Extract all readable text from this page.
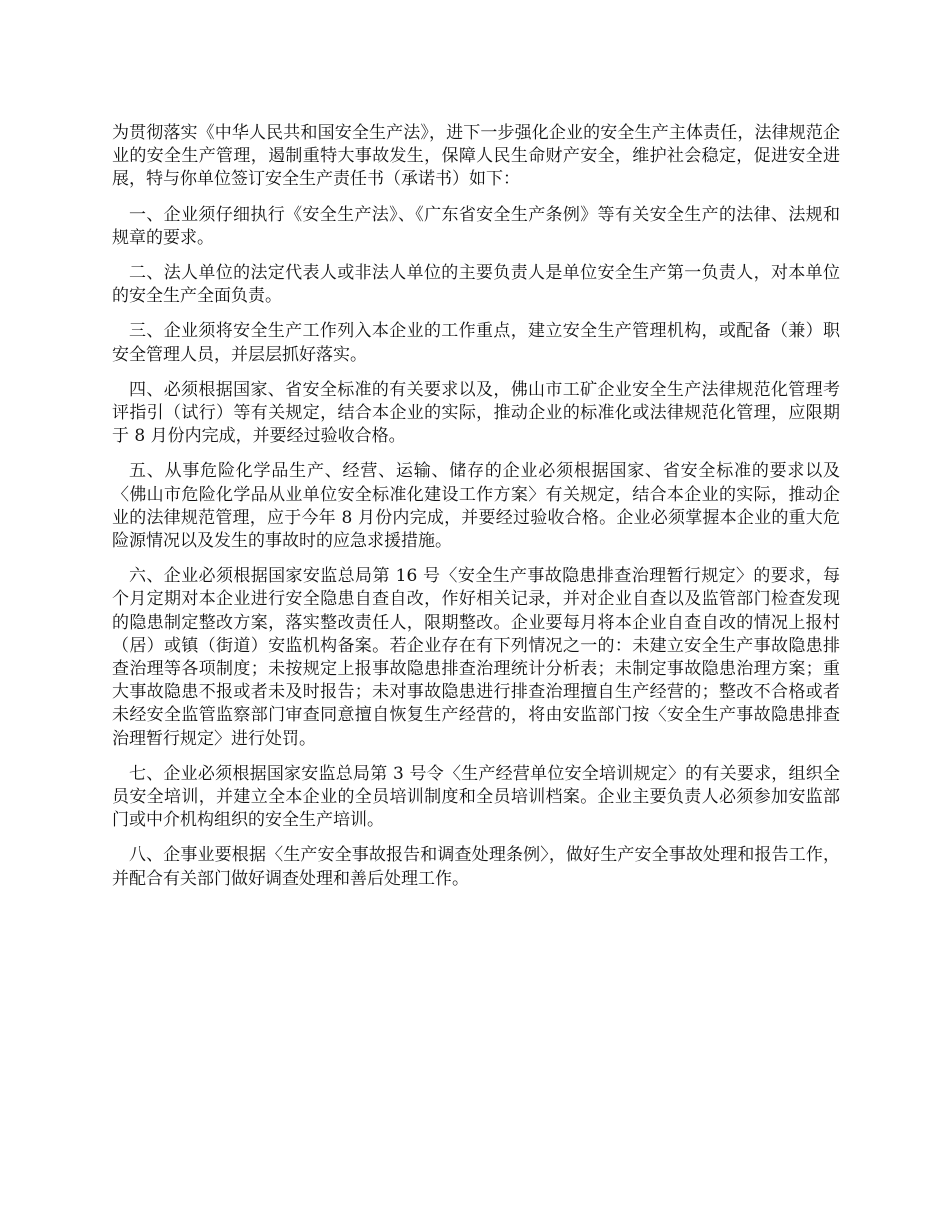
为贯彻落实《中华人民共和国安全生产法》，进下一步强化企业的安全生产主体责任，法律规范企业的安全生产管理，遏制重特大事故发生，保障人民生命财产安全，维护社会稳定，促进安全进展，特与你单位签订安全生产责任书（承诺书）如下：

一、企业须仔细执行《安全生产法》、《广东省安全生产条例》等有关安全生产的法律、法规和规章的要求。

二、法人单位的法定代表人或非法人单位的主要负责人是单位安全生产第一负责人，对本单位的安全生产全面负责。

三、企业须将安全生产工作列入本企业的工作重点，建立安全生产管理机构，或配备（兼）职安全管理人员，并层层抓好落实。

四、必须根据国家、省安全标准的有关要求以及，佛山市工矿企业安全生产法律规范化管理考评指引（试行）等有关规定，结合本企业的实际，推动企业的标准化或法律规范化管理，应限期于 8 月份内完成，并要经过验收合格。

五、从事危险化学品生产、经营、运输、储存的企业必须根据国家、省安全标准的要求以及〈佛山市危险化学品从业单位安全标准化建设工作方案〉有关规定，结合本企业的实际，推动企业的法律规范管理，应于今年 8 月份内完成，并要经过验收合格。企业必须掌握本企业的重大危险源情况以及发生的事故时的应急求援措施。

六、企业必须根据国家安监总局第 16 号〈安全生产事故隐患排查治理暂行规定〉的要求，每个月定期对本企业进行安全隐患自查自改，作好相关记录，并对企业自查以及监管部门检查发现的隐患制定整改方案，落实整改责任人，限期整改。企业要每月将本企业自查自改的情况上报村（居）或镇（街道）安监机构备案。若企业存在有下列情况之一的：未建立安全生产事故隐患排查治理等各项制度；未按规定上报事故隐患排查治理统计分析表；未制定事故隐患治理方案；重大事故隐患不报或者未及时报告；未对事故隐患进行排查治理擅自生产经营的；整改不合格或者未经安全监管监察部门审查同意擅自恢复生产经营的，将由安监部门按〈安全生产事故隐患排查治理暂行规定〉进行处罚。

七、企业必须根据国家安监总局第 3 号令〈生产经营单位安全培训规定〉的有关要求，组织全员安全培训，并建立全本企业的全员培训制度和全员培训档案。企业主要负责人必须参加安监部门或中介机构组织的安全生产培训。

八、企事业要根据〈生产安全事故报告和调查处理条例〉，做好生产安全事故处理和报告工作，并配合有关部门做好调查处理和善后处理工作。
